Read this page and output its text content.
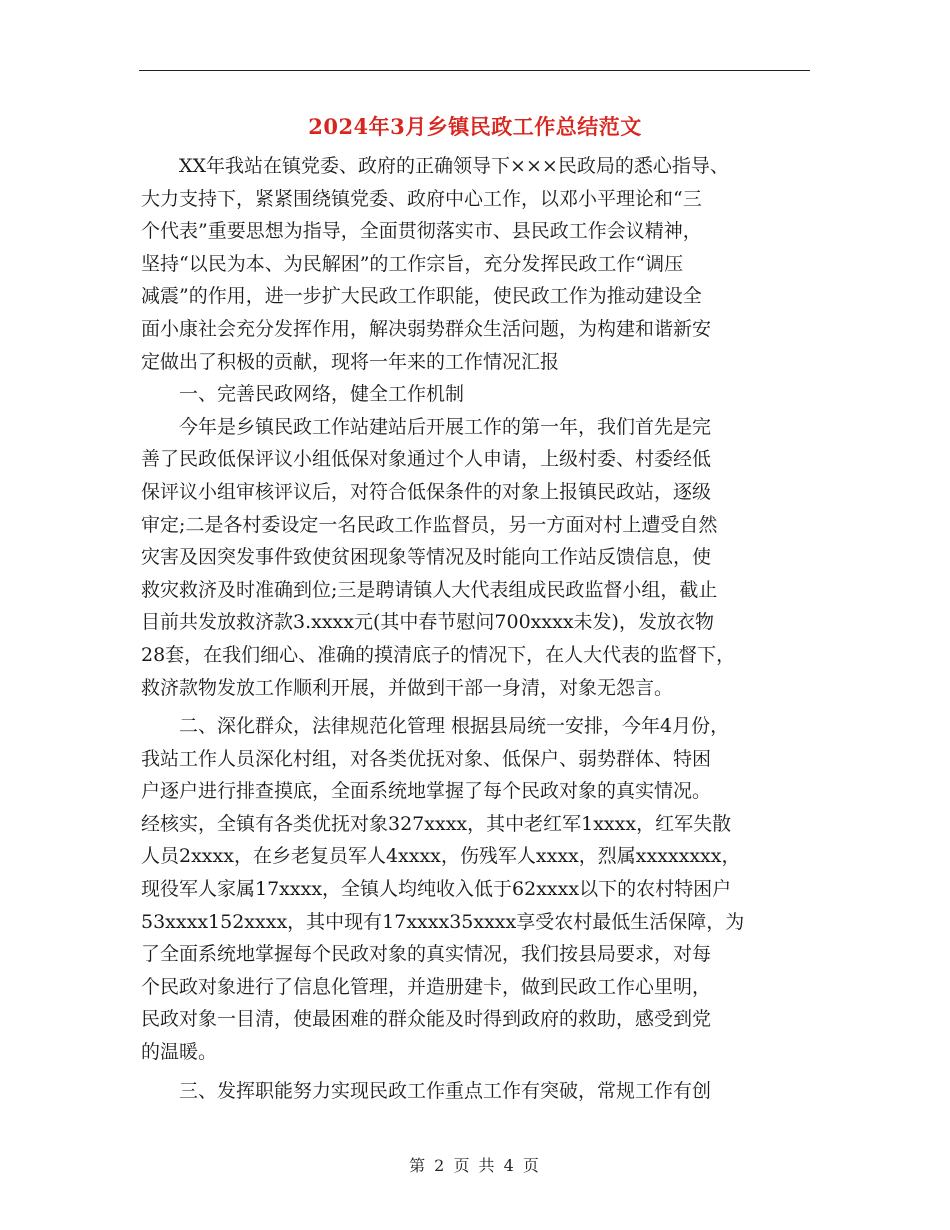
2024年3月乡镇民政工作总结范文
　　XX年我站在镇党委、政府的正确领导下×××民政局的悉心指导、
大力支持下，紧紧围绕镇党委、政府中心工作，以邓小平理论和“三
个代表”重要思想为指导，全面贯彻落实市、县民政工作会议精神，
坚持“以民为本、为民解困”的工作宗旨，充分发挥民政工作“调压
减震”的作用，进一步扩大民政工作职能，使民政工作为推动建设全
面小康社会充分发挥作用，解决弱势群众生活问题，为构建和谐新安
定做出了积极的贡献，现将一年来的工作情况汇报
　　一、完善民政网络，健全工作机制
　　今年是乡镇民政工作站建站后开展工作的第一年，我们首先是完
善了民政低保评议小组低保对象通过个人申请，上级村委、村委经低
保评议小组审核评议后，对符合低保条件的对象上报镇民政站，逐级
审定;二是各村委设定一名民政工作监督员，另一方面对村上遭受自然
灾害及因突发事件致使贫困现象等情况及时能向工作站反馈信息，使
救灾救济及时准确到位;三是聘请镇人大代表组成民政监督小组，截止
目前共发放救济款3.xxxx元(其中春节慰问700xxxx未发)，发放衣物
28套，在我们细心、准确的摸清底子的情况下，在人大代表的监督下，
救济款物发放工作顺利开展，并做到干部一身清，对象无怨言。
　　二、深化群众，法律规范化管理 根据县局统一安排，今年4月份，
我站工作人员深化村组，对各类优抚对象、低保户、弱势群体、特困
户逐户进行排查摸底，全面系统地掌握了每个民政对象的真实情况。
经核实，全镇有各类优抚对象327xxxx，其中老红军1xxxx，红军失散
人员2xxxx，在乡老复员军人4xxxx，伤残军人xxxx，烈属xxxxxxxx，
现役军人家属17xxxx，全镇人均纯收入低于62xxxx以下的农村特困户
53xxxx152xxxx，其中现有17xxxx35xxxx享受农村最低生活保障，为
了全面系统地掌握每个民政对象的真实情况，我们按县局要求，对每
个民政对象进行了信息化管理，并造册建卡，做到民政工作心里明，
民政对象一目清，使最困难的群众能及时得到政府的救助，感受到党
的温暖。
　　三、发挥职能努力实现民政工作重点工作有突破，常规工作有创
第 2 页 共 4 页
